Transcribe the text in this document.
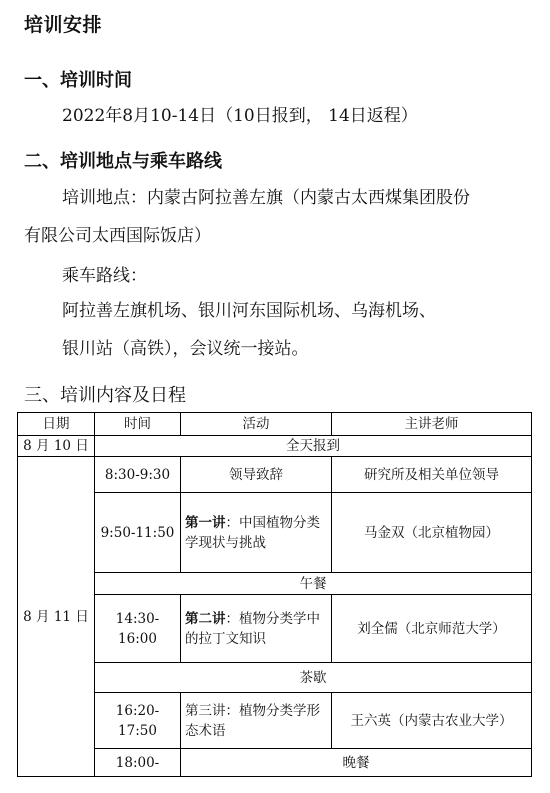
培训安排
一、培训时间
2022年8月10-14日（10日报到， 14日返程）
二、培训地点与乘车路线
培训地点：内蒙古阿拉善左旗（内蒙古太西煤集团股份
有限公司太西国际饭店）
乘车路线：
阿拉善左旗机场、银川河东国际机场、乌海机场、
银川站（高铁），会议统一接站。
三、培训内容及日程
日期	时间	活动	主讲老师
8 月 10 日	全天报到		
8 月 11 日	8:30-9:30	领导致辞	研究所及相关单位领导
	9:50-11:50	第一讲：中国植物分类学现状与挑战	马金双（北京植物园）
	午餐		
	14:30-16:00	第二讲：植物分类学中的拉丁文知识	刘全儒（北京师范大学）
	茶歇		
	16:20-17:50	第三讲：植物分类学形态术语	王六英（内蒙古农业大学）
	18:00-	晚餐	
